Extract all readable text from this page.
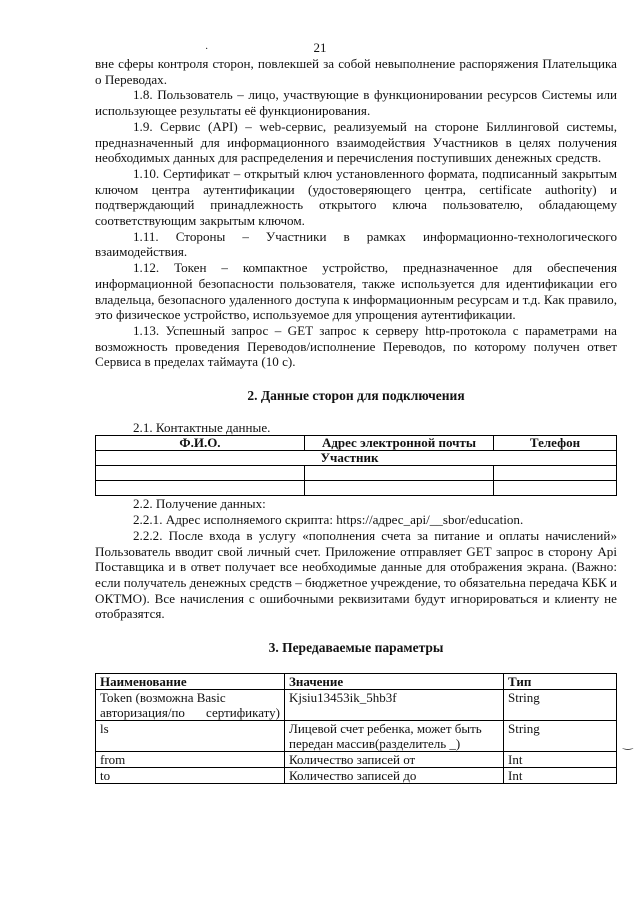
21
·
‿

вне сферы контроля сторон, повлекшей за собой невыполнение распоряжения Плательщика о Переводах.

1.8. Пользователь – лицо, участвующие в функционировании ресурсов Системы или использующее результаты её функционирования.

1.9. Сервис (API) – web-сервис, реализуемый на стороне Биллинговой системы, предназначенный для информационного взаимодействия Участников в целях получения необходимых данных для распределения и перечисления поступивших денежных средств.

1.10. Сертификат – открытый ключ установленного формата, подписанный закрытым ключом центра аутентификации (удостоверяющего центра, certificate authority) и подтверждающий принадлежность открытого ключа пользователю, обладающему соответствующим закрытым ключом.

1.11. Стороны – Участники в рамках информационно-технологического взаимодействия.

1.12. Токен – компактное устройство, предназначенное для обеспечения информационной безопасности пользователя, также используется для идентификации его владельца, безопасного удаленного доступа к информационным ресурсам и т.д. Как правило, это физическое устройство, используемое для упрощения аутентификации.

1.13. Успешный запрос – GET запрос к серверу http-протокола с параметрами на возможность проведения Переводов/исполнение Переводов, по которому получен ответ Сервиса в пределах таймаута (10 с).

2. Данные сторон для подключения

2.1. Контактные данные.

Ф.И.О.	Адрес электронной почты	Телефон
	Участник	

2.2. Получение данных:

2.2.1. Адрес исполняемого скрипта: https://адрес_api/__sbor/education.

2.2.2. После входа в услугу «пополнения счета за питание и оплаты начислений» Пользователь вводит свой личный счет. Приложение отправляет GET запрос в сторону Api Поставщика и в ответ получает все необходимые данные для отображения экрана. (Важно: если получатель денежных средств – бюджетное учреждение, то обязательна передача КБК и ОКТМО). Все начисления с ошибочными реквизитами будут игнорироваться и клиенту не отобразятся.

3. Передаваемые параметры
Наименование	Значение	Тип
Token (возможна Basic авторизация/по сертификату)	Kjsiu13453ik_5hb3f	String
ls	Лицевой счет ребенка, может быть передан массив(разделитель _)	String
from	Количество записей от	Int
to	Количество записей до	Int
